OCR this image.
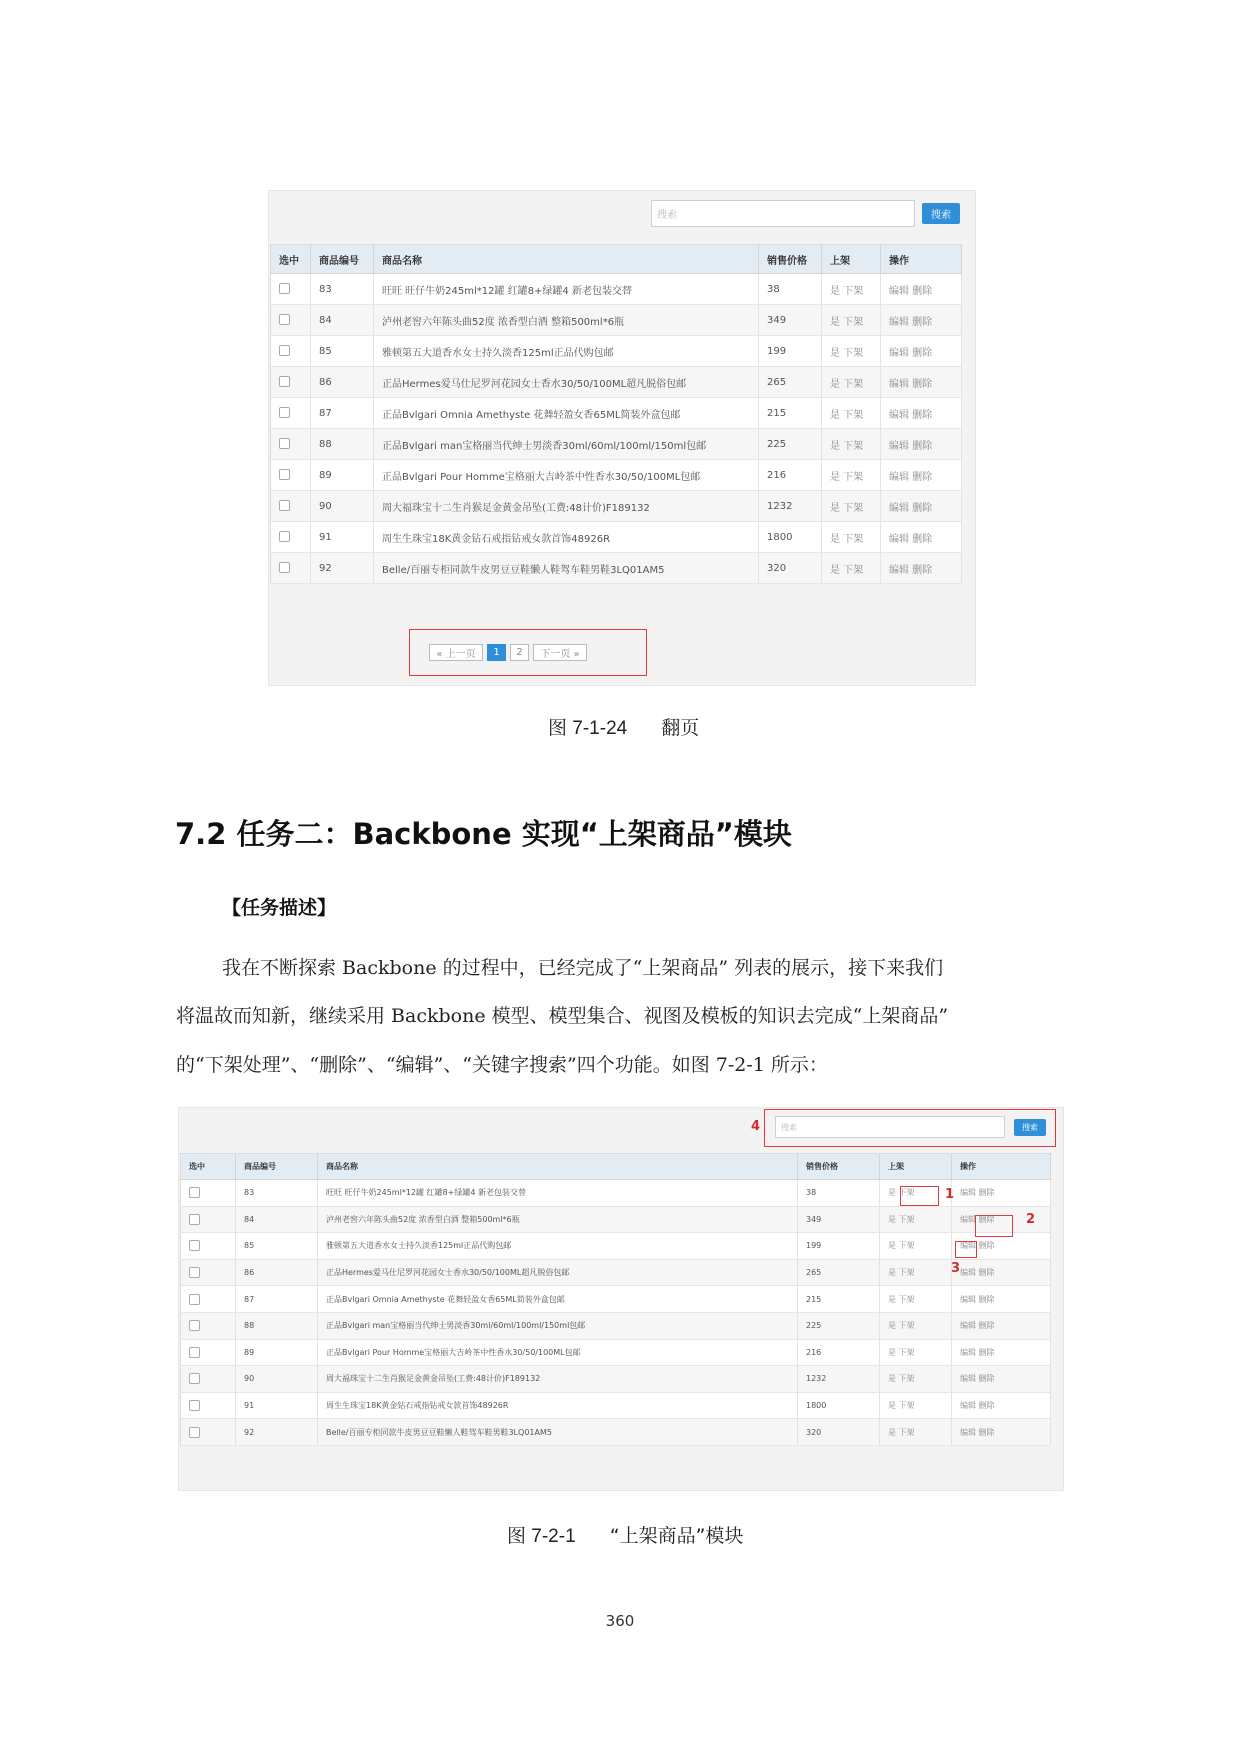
搜索	搜索
选中	商品编号	商品名称	销售价格	上架	操作
	83	旺旺 旺仔牛奶245ml*12罐 红罐8+绿罐4 新老包装交替	38	是 下架	编辑 删除
	84	泸州老窖六年陈头曲52度 浓香型白酒 整箱500ml*6瓶	349	是 下架	编辑 删除
	85	雅顿第五大道香水女士持久淡香125ml正品代购包邮	199	是 下架	编辑 删除
	86	正品Hermes爱马仕尼罗河花园女士香水30/50/100ML超凡脱俗包邮	265	是 下架	编辑 删除
	87	正品Bvlgari Omnia Amethyste 花舞轻盈女香65ML简装外盒包邮	215	是 下架	编辑 删除
	88	正品Bvlgari man宝格丽当代绅士男淡香30ml/60ml/100ml/150ml包邮	225	是 下架	编辑 删除
	89	正品Bvlgari Pour Homme宝格丽大吉岭茶中性香水30/50/100ML包邮	216	是 下架	编辑 删除
	90	周大福珠宝十二生肖猴足金黄金吊坠(工费:48计价)F189132	1232	是 下架	编辑 删除
	91	周生生珠宝18K黄金钻石戒指钻戒女款首饰48926R	1800	是 下架	编辑 删除
	92	Belle/百丽专柜同款牛皮男豆豆鞋懒人鞋驾车鞋男鞋3LQ01AM5	320	是 下架	编辑 删除
« 上一页	1	2	下一页 »
图 7-1-24 翻页
7.2 任务二：Backbone 实现“上架商品”模块
【任务描述】
我在不断探索 Backbone 的过程中，已经完成了“上架商品” 列表的展示，接下来我们
将温故而知新，继续采用 Backbone 模型、模型集合、视图及模板的知识去完成“上架商品”
的“下架处理”、“删除”、“编辑”、“关键字搜索”四个功能。如图 7-2-1 所示：
4	搜索	搜索
选中	商品编号	商品名称	销售价格	上架	操作
	83	旺旺 旺仔牛奶245ml*12罐 红罐8+绿罐4 新老包装交替	38	是 下架	编辑 删除
	84	泸州老窖六年陈头曲52度 浓香型白酒 整箱500ml*6瓶	349	是 下架	编辑 删除
	85	雅顿第五大道香水女士持久淡香125ml正品代购包邮	199	是 下架	编辑 删除
	86	正品Hermes爱马仕尼罗河花园女士香水30/50/100ML超凡脱俗包邮	265	是 下架	编辑 删除
	87	正品Bvlgari Omnia Amethyste 花舞轻盈女香65ML简装外盒包邮	215	是 下架	编辑 删除
	88	正品Bvlgari man宝格丽当代绅士男淡香30ml/60ml/100ml/150ml包邮	225	是 下架	编辑 删除
	89	正品Bvlgari Pour Homme宝格丽大吉岭茶中性香水30/50/100ML包邮	216	是 下架	编辑 删除
	90	周大福珠宝十二生肖猴足金黄金吊坠(工费:48计价)F189132	1232	是 下架	编辑 删除
	91	周生生珠宝18K黄金钻石戒指钻戒女款首饰48926R	1800	是 下架	编辑 删除
	92	Belle/百丽专柜同款牛皮男豆豆鞋懒人鞋驾车鞋男鞋3LQ01AM5	320	是 下架	编辑 删除
1
2
3
图 7-2-1 “上架商品”模块
360
